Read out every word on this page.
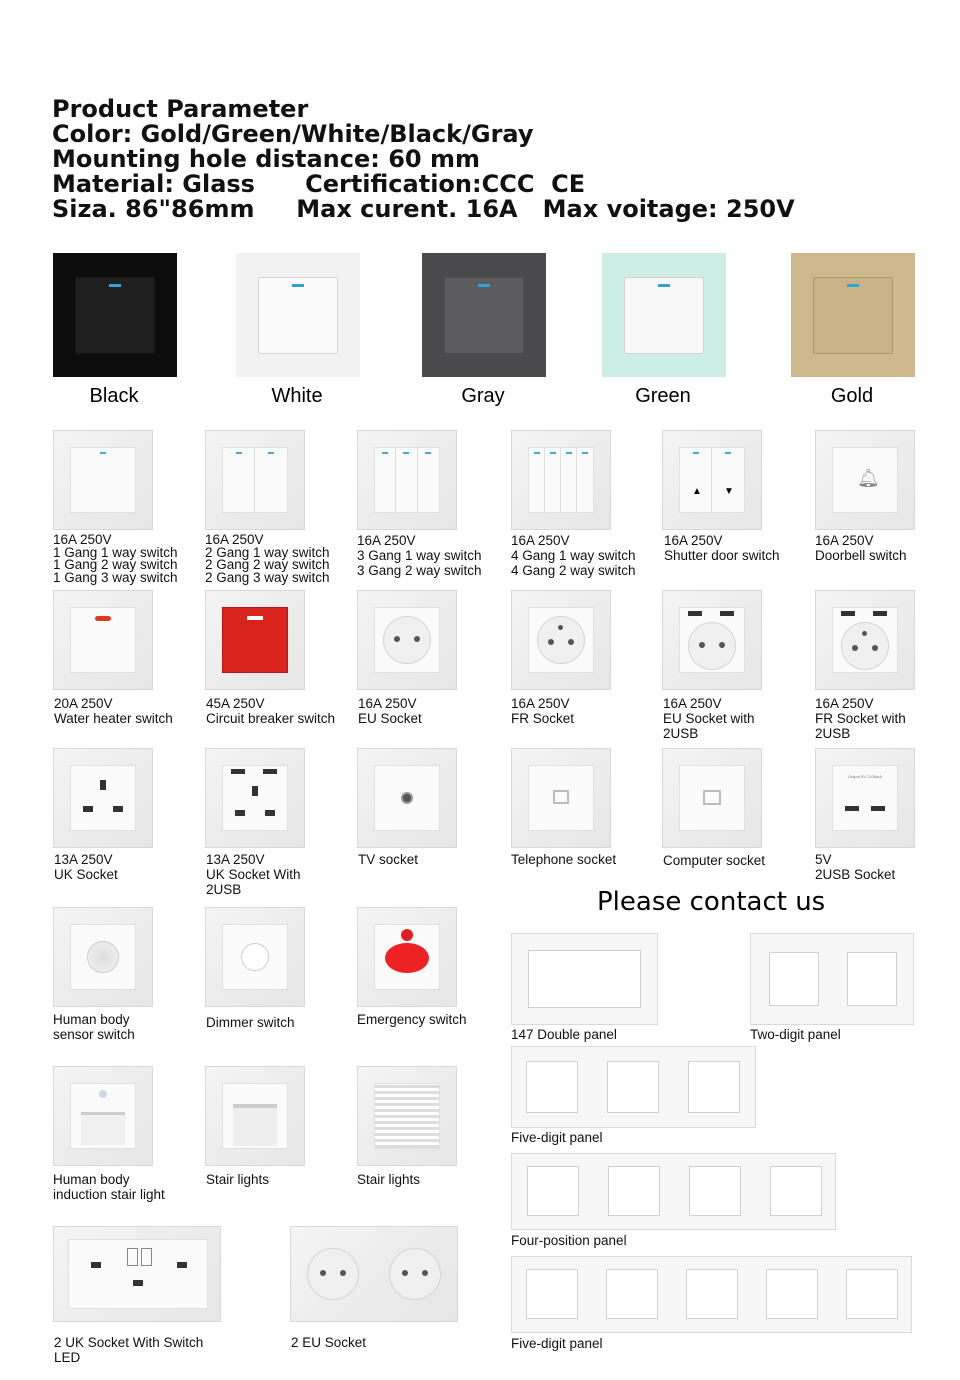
Product Parameter
Color: Gold/Green/White/Black/Gray
Mounting hole distance: 60 mm
Material: Glass      Certification:CCC  CE
Siza. 86"86mm     Max curent. 16A   Max voitage: 250V
Black	White	Gray	Green	Gold
16A 250V
1 Gang 1 way switch
1 Gang 2 way switch
1 Gang 3 way switch
16A 250V
2 Gang 1 way switch
2 Gang 2 way switch
2 Gang 3 way switch
16A 250V
3 Gang 1 way switch
3 Gang 2 way switch
16A 250V
4 Gang 1 way switch
4 Gang 2 way switch
▲ ▼
16A 250V
Shutter door switch
🔔︎
16A 250V
Doorbell switch
20A 250V
Water heater switch
45A 250V
Circuit breaker switch
16A 250V
EU Socket
16A 250V
FR Socket
16A 250V
EU Socket with
2USB
16A 250V
FR Socket with
2USB
13A 250V
UK Socket
13A 250V
UK Socket With
2USB
TV socket	Telephone socket	Computer socket
Output 5V 2100mA
5V
2USB Socket
Please contact us
Human body
sensor switch
Dimmer switch	Emergency switch
Human body
induction stair light
Stair lights	Stair lights
2 UK Socket With Switch
LED
2 EU Socket
147 Double panel	Two-digit panel
Five-digit panel
Four-position panel
Five-digit panel
